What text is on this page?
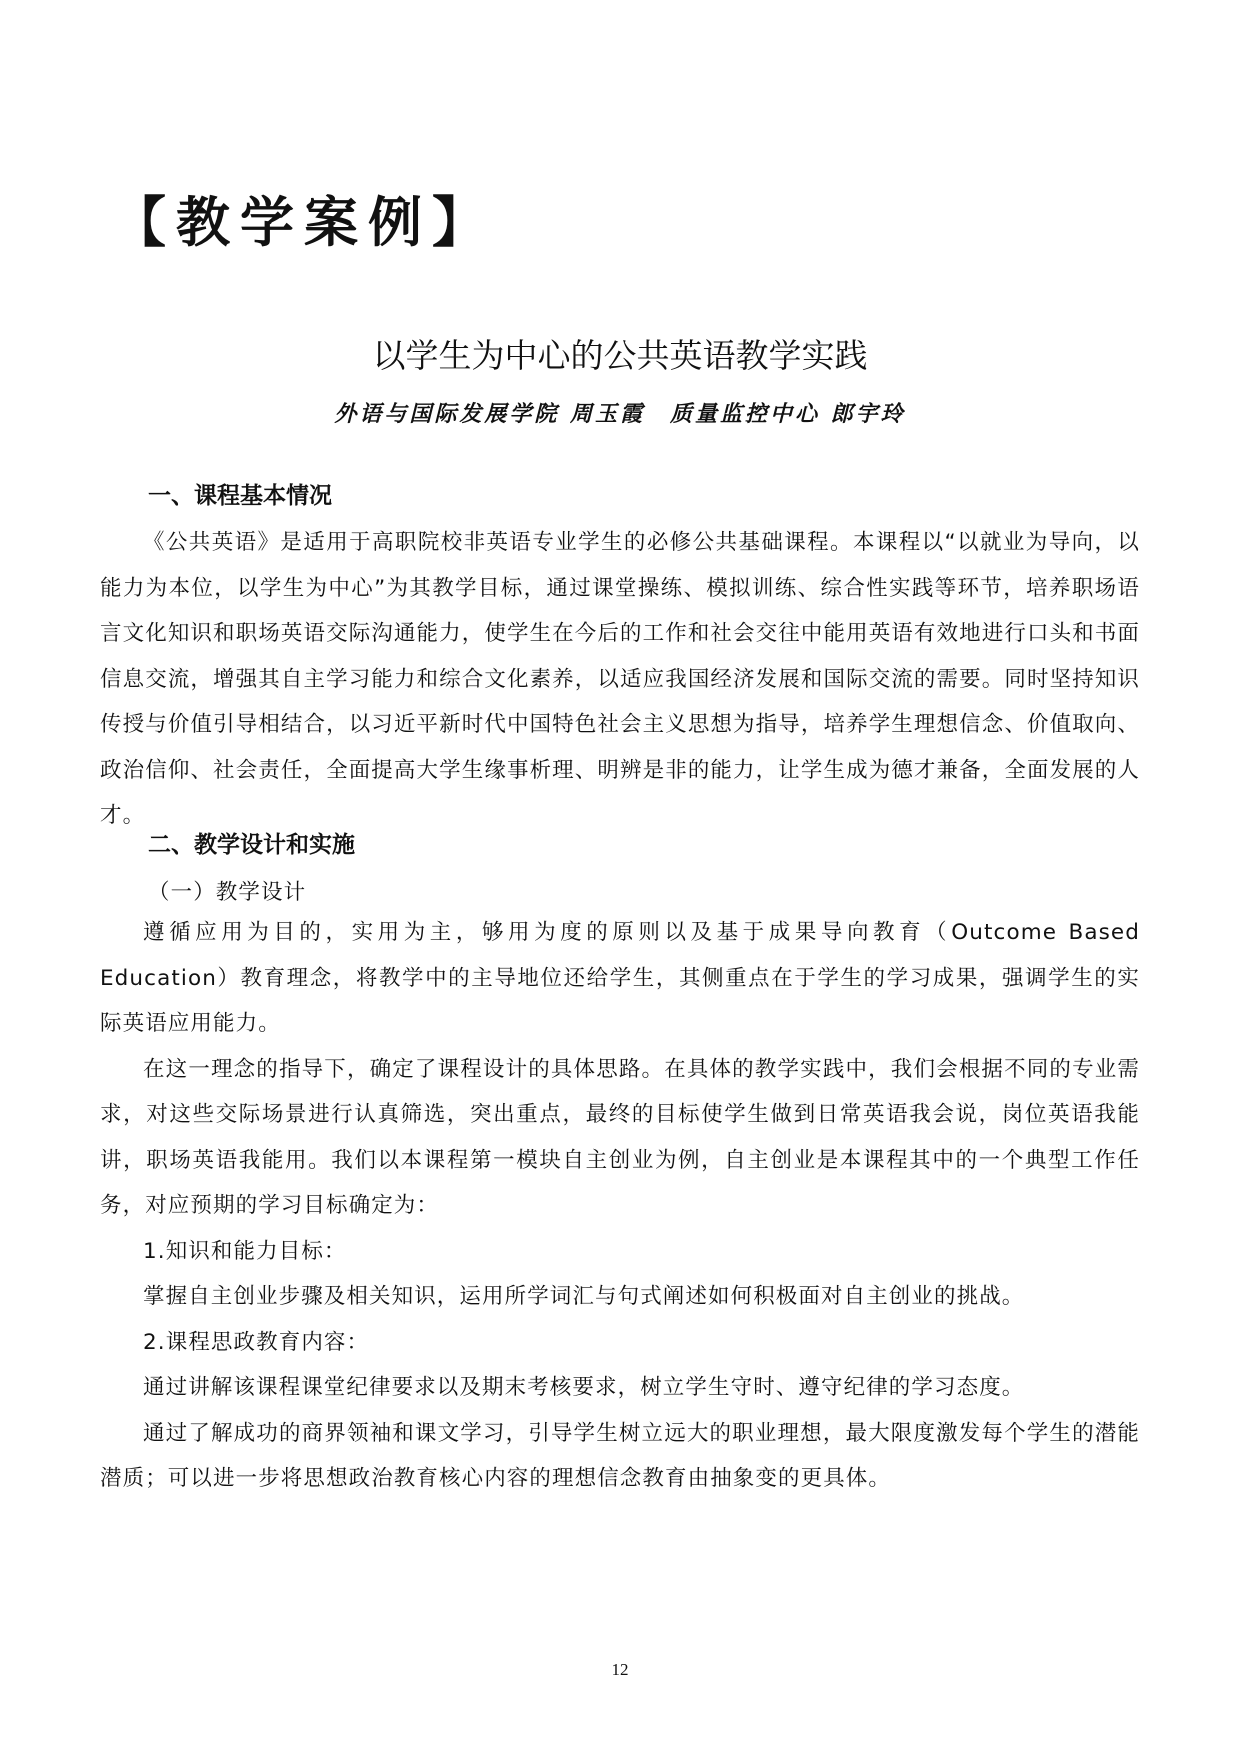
【教学案例】
以学生为中心的公共英语教学实践
外语与国际发展学院 周玉霞　质量监控中心 郎宇玲
一、课程基本情况

《公共英语》是适用于高职院校非英语专业学生的必修公共基础课程。本课程以“以就业为导向，以能力为本位，以学生为中心”为其教学目标，通过课堂操练、模拟训练、综合性实践等环节，培养职场语言文化知识和职场英语交际沟通能力，使学生在今后的工作和社会交往中能用英语有效地进行口头和书面信息交流，增强其自主学习能力和综合文化素养，以适应我国经济发展和国际交流的需要。同时坚持知识传授与价值引导相结合，以习近平新时代中国特色社会主义思想为指导，培养学生理想信念、价值取向、政治信仰、社会责任，全面提高大学生缘事析理、明辨是非的能力，让学生成为德才兼备，全面发展的人才。

二、教学设计和实施
（一）教学设计

遵循应用为目的，实用为主，够用为度的原则以及基于成果导向教育（Outcome Based Education）教育理念，将教学中的主导地位还给学生，其侧重点在于学生的学习成果，强调学生的实际英语应用能力。

在这一理念的指导下，确定了课程设计的具体思路。在具体的教学实践中，我们会根据不同的专业需求，对这些交际场景进行认真筛选，突出重点，最终的目标使学生做到日常英语我会说，岗位英语我能讲，职场英语我能用。我们以本课程第一模块自主创业为例，自主创业是本课程其中的一个典型工作任务，对应预期的学习目标确定为：

1.知识和能力目标：

掌握自主创业步骤及相关知识，运用所学词汇与句式阐述如何积极面对自主创业的挑战。

2.课程思政教育内容：

通过讲解该课程课堂纪律要求以及期末考核要求，树立学生守时、遵守纪律的学习态度。

通过了解成功的商界领袖和课文学习，引导学生树立远大的职业理想，最大限度激发每个学生的潜能潜质；可以进一步将思想政治教育核心内容的理想信念教育由抽象变的更具体。

12
